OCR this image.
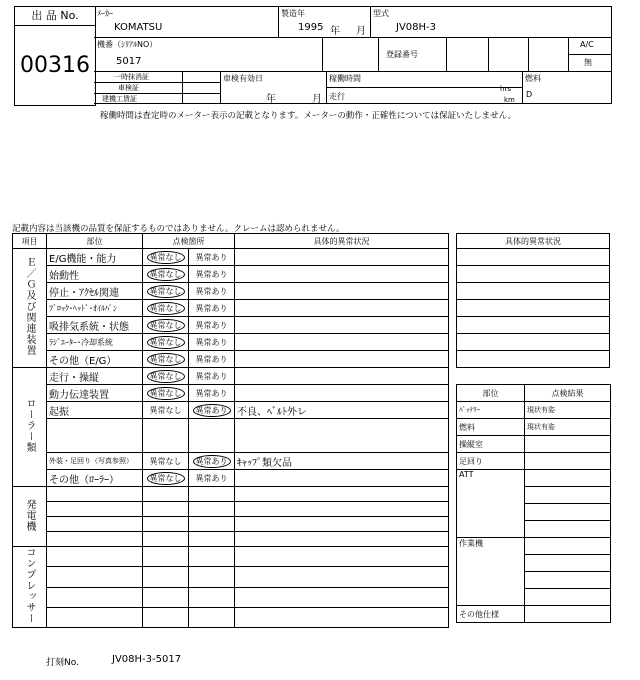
出 品 No.
00316
ﾒｰｶｰ
KOMATSU
製造年
1995 年 月
型式
JV08H-3
機番（ｼﾘｱﾙNO）
5017
登録番号
A/C
無
一時抹消証
車検証
建機工賃証
車検有効日
年	月
稼働時間
hrs
走行	km
燃料
D
稼働時間は査定時のメーター表示の記載となります。メーターの動作・正確性については保証いたしません。
記載内容は当該機の品質を保証するものではありません。クレームは認められません。
項目	部位	点検箇所		具体的異常状況
Ｅ／Ｇ及び関連装置	E/G機能・能力	異常なし	異常あり	
	始動性	異常なし	異常あり	
	停止・ｱｸｾﾙ関連	異常なし	異常あり	
	ﾌﾞﾛｯｸ･ﾍｯﾄﾞ･ｵｲﾙﾊﾟﾝ	異常なし	異常あり	
	吸排気系統・状態	異常なし	異常あり	
	ﾗｼﾞｴｰﾀｰ･冷却系統	異常なし	異常あり	
	その他（E/G）	異常なし	異常あり	
ローラー類	走行・操縦	異常なし	異常あり	
	動力伝達装置	異常なし	異常あり	
	起振	異常なし	異常あり	不良、ﾍﾞﾙﾄ外レ

	外装・足回り（写真参照）	異常なし	異常あり	ｷｬｯﾌﾟ類欠品
	その他（ﾛｰﾗｰ）	異常なし	異常あり	
発電機				

コンプレッサー				

具体的異常状況

部位	点検結果
ﾊﾞｯﾃﾘｰ	現状有姿
燃料	現状有姿
操縦室	
足回り	
ATT	

作業機	

その他仕様	
打刻No.	JV08H-3-5017
